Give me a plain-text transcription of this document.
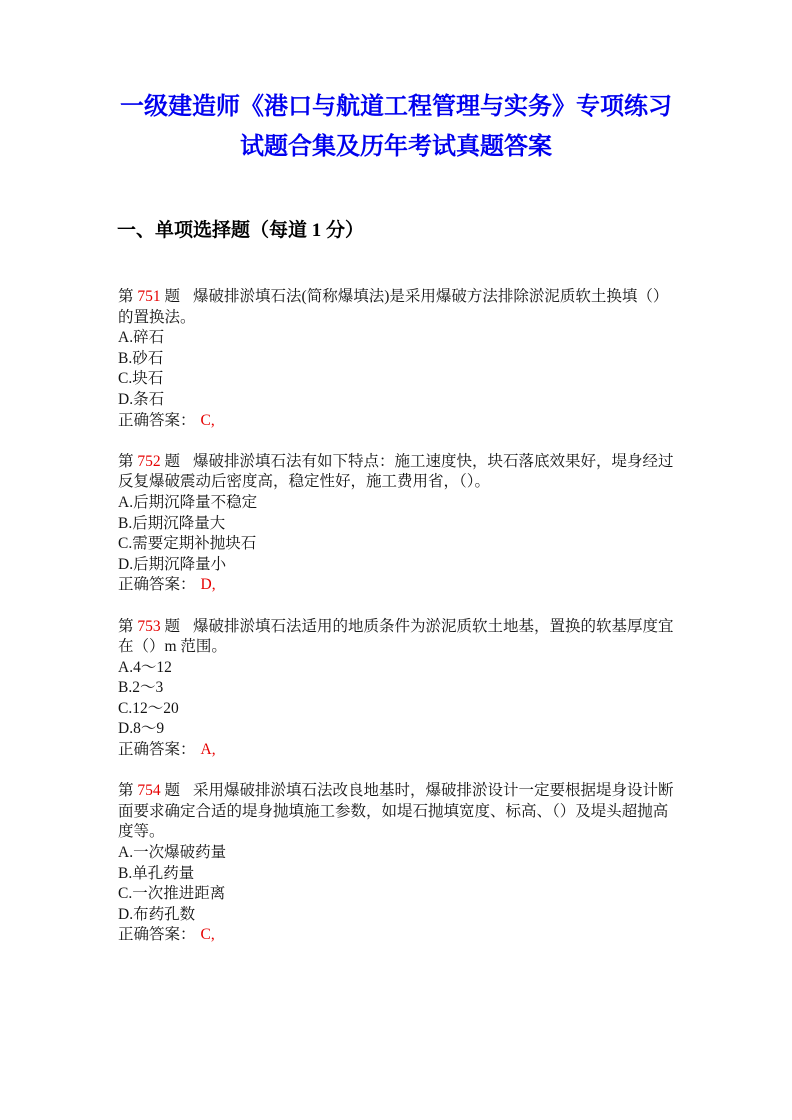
一级建造师《港口与航道工程管理与实务》专项练习
试题合集及历年考试真题答案
一、单项选择题（每道 1 分）

第 751 题 爆破排淤填石法(简称爆填法)是采用爆破方法排除淤泥质软土换填（）的置换法。

A.碎石

B.砂石

C.块石

D.条石

正确答案： C,

第 752 题 爆破排淤填石法有如下特点：施工速度快，块石落底效果好，堤身经过反复爆破震动后密度高，稳定性好，施工费用省，（）。

A.后期沉降量不稳定

B.后期沉降量大

C.需要定期补抛块石

D.后期沉降量小

正确答案： D,

第 753 题 爆破排淤填石法适用的地质条件为淤泥质软土地基，置换的软基厚度宜在（）m 范围。

A.4～12

B.2～3

C.12～20

D.8～9

正确答案： A,

第 754 题 采用爆破排淤填石法改良地基时，爆破排淤设计一定要根据堤身设计断面要求确定合适的堤身抛填施工参数，如堤石抛填宽度、标高、（）及堤头超抛高度等。

A.一次爆破药量

B.单孔药量

C.一次推进距离

D.布药孔数

正确答案： C,
